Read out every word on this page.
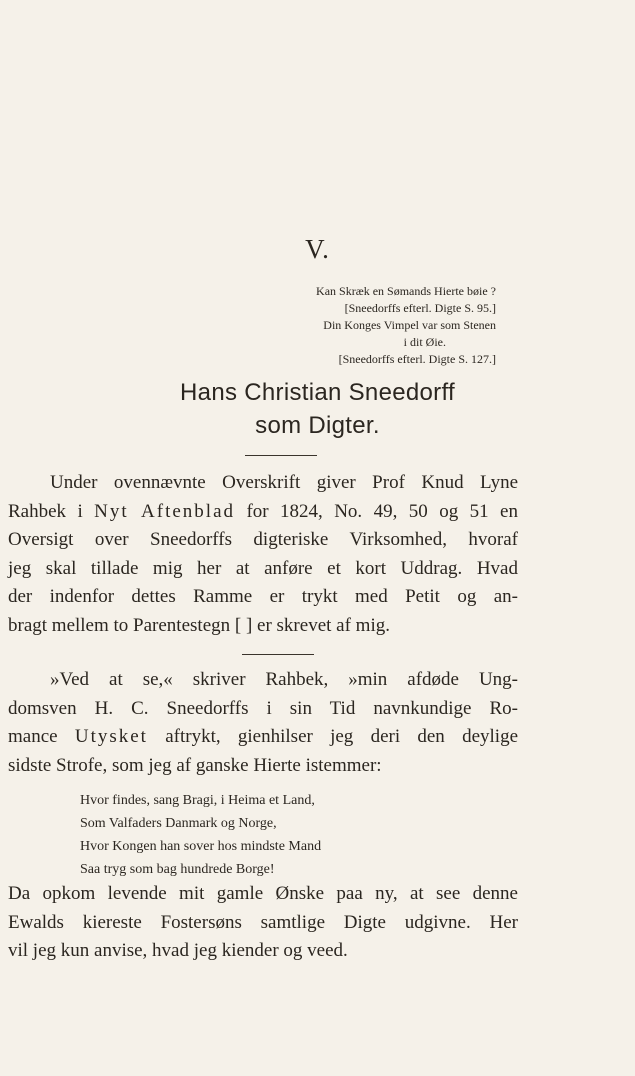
V.
Kan Skræk en Sømands Hierte bøie ?
[Sneedorffs efterl. Digte S. 95.]
Din Konges Vimpel var som Stenen
i dit Øie.
[Sneedorffs efterl. Digte S. 127.]
Hans Christian Sneedorff
som Digter.

Under ovennævnte Overskrift giver Prof Knud Lyne

Rahbek i Nyt Aftenblad for 1824, No. 49, 50 og 51 en

Oversigt over Sneedorffs digteriske Virksomhed, hvoraf

jeg skal tillade mig her at anføre et kort Uddrag. Hvad

der indenfor dettes Ramme er trykt med Petit og an-

bragt mellem to Parentestegn [ ] er skrevet af mig.

»Ved at se,« skriver Rahbek, »min afdøde Ung-

domsven H. C. Sneedorffs i sin Tid navnkundige Ro-

mance Utysket aftrykt, gienhilser jeg deri den deylige

sidste Strofe, som jeg af ganske Hierte istemmer:

Hvor findes, sang Bragi, i Heima et Land,
Som Valfaders Danmark og Norge,
Hvor Kongen han sover hos mindste Mand
Saa tryg som bag hundrede Borge!

Da opkom levende mit gamle Ønske paa ny, at see denne

Ewalds kiereste Fostersøns samtlige Digte udgivne. Her

vil jeg kun anvise, hvad jeg kiender og veed.
